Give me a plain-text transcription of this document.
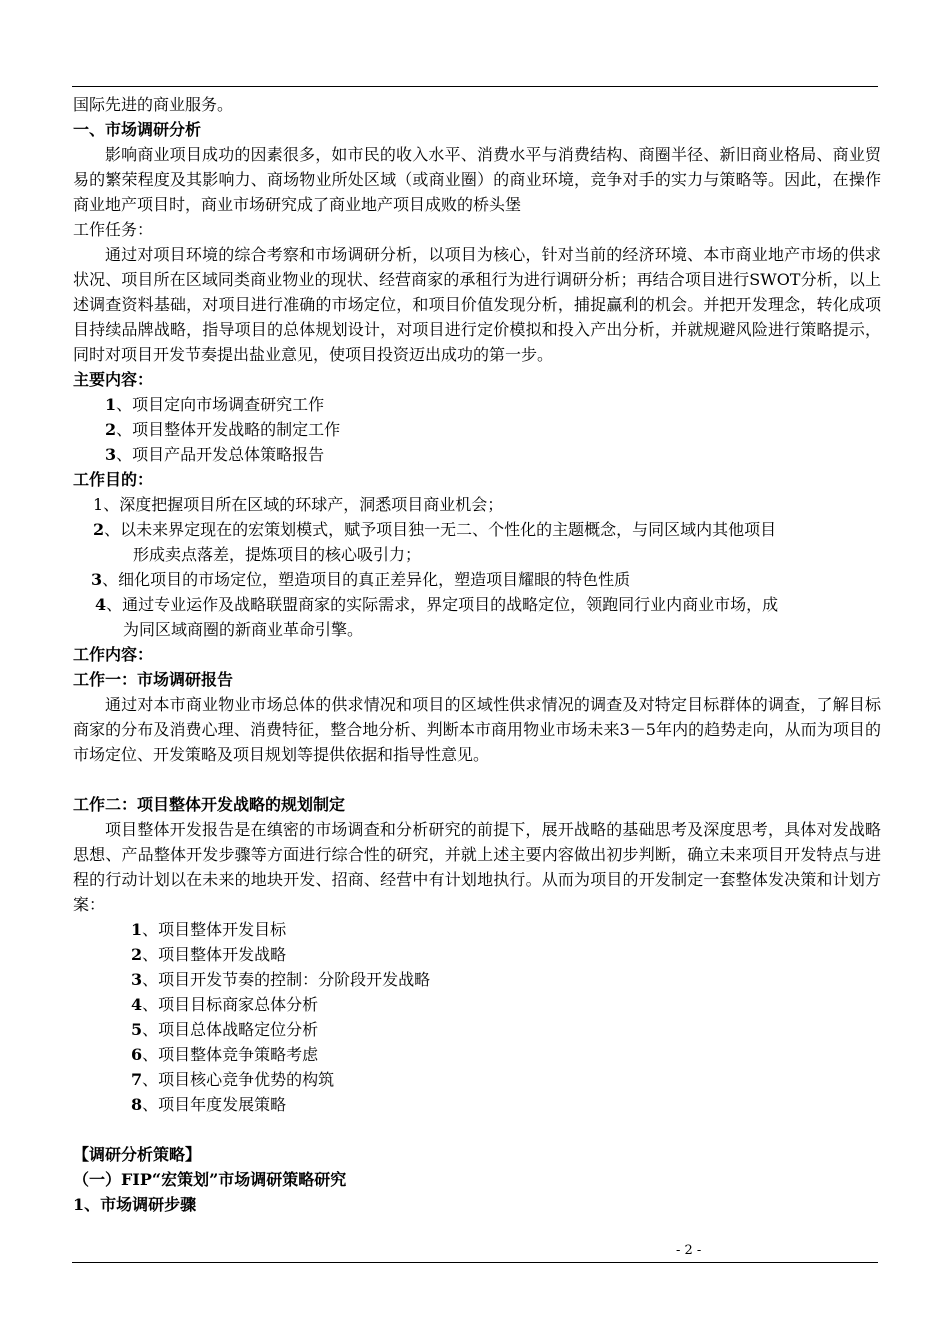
国际先进的商业服务。

一、市场调研分析

影响商业项目成功的因素很多，如市民的收入水平、消费水平与消费结构、商圈半径、新旧商业格局、商业贸易的繁荣程度及其影响力、商场物业所处区域（或商业圈）的商业环境，竞争对手的实力与策略等。因此，在操作商业地产项目时，商业市场研究成了商业地产项目成败的桥头堡

工作任务：

通过对项目环境的综合考察和市场调研分析，以项目为核心，针对当前的经济环境、本市商业地产市场的供求状况、项目所在区域同类商业物业的现状、经营商家的承租行为进行调研分析；再结合项目进行SWOT分析，以上述调查资料基础，对项目进行准确的市场定位，和项目价值发现分析，捕捉赢利的机会。并把开发理念，转化成项目持续品牌战略，指导项目的总体规划设计，对项目进行定价模拟和投入产出分析，并就规避风险进行策略提示，同时对项目开发节奏提出盐业意见，使项目投资迈出成功的第一步。

主要内容：

1、项目定向市场调查研究工作

2、项目整体开发战略的制定工作

3、项目产品开发总体策略报告

工作目的：

1、深度把握项目所在区域的环球产，洞悉项目商业机会；

2、以未来界定现在的宏策划模式，赋予项目独一无二、个性化的主题概念，与同区域内其他项目

形成卖点落差，提炼项目的核心吸引力；

3、细化项目的市场定位，塑造项目的真正差异化，塑造项目耀眼的特色性质

4、通过专业运作及战略联盟商家的实际需求，界定项目的战略定位，领跑同行业内商业市场，成

为同区域商圈的新商业革命引擎。

工作内容：

工作一：市场调研报告

通过对本市商业物业市场总体的供求情况和项目的区域性供求情况的调查及对特定目标群体的调查，了解目标商家的分布及消费心理、消费特征，整合地分析、判断本市商用物业市场未来3－5年内的趋势走向，从而为项目的市场定位、开发策略及项目规划等提供依据和指导性意见。

工作二：项目整体开发战略的规划制定

项目整体开发报告是在缜密的市场调查和分析研究的前提下，展开战略的基础思考及深度思考，具体对发战略思想、产品整体开发步骤等方面进行综合性的研究，并就上述主要内容做出初步判断，确立未来项目开发特点与进程的行动计划以在未来的地块开发、招商、经营中有计划地执行。从而为项目的开发制定一套整体发决策和计划方案：

1、项目整体开发目标

2、项目整体开发战略

3、项目开发节奏的控制：分阶段开发战略

4、项目目标商家总体分析

5、项目总体战略定位分析

6、项目整体竞争策略考虑

7、项目核心竞争优势的构筑

8、项目年度发展策略

【调研分析策略】

（一）FIP“宏策划”市场调研策略研究

1、市场调研步骤

- 2 -
